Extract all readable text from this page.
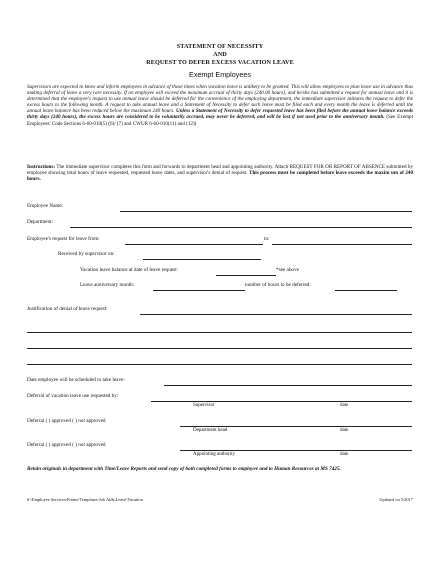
STATEMENT OF NECESSITY
AND
REQUEST TO DEFER EXCESS VACATION LEAVE
Exempt Employees
Supervisors are expected to know and inform employees in advance of those times when vacation leave is unlikely to be granted. This will allow employees to plan leave use in advance thus making deferral of leave a very rare necessity. If an employee will exceed the maximum accrual of thirty days (240.00 hours), and he/she has submitted a request for annual leave and it is determined that the employee's request to use annual leave should be deferred for the convenience of the employing department, the immediate supervisor initiates the request to defer the excess hours to the following month. A request to take annual leave and a Statement of Necessity to defer such leave must be filed each and every month the leave is deferred until the annual leave balance has been reduced below the maximum 240 hours. Unless a Statement of Necessity to defer requested leave has been filed before the annual leave balance exceeds thirty days (240 hours), the excess hours are considered to be voluntarily accrued, may never be deferred, and will be lost if not used prior to the anniversary month. (See Exempt Employees' Code Sections 6-60-010(5) (6)/ (7) and CWUR 6-60-010(11) and (12))
Instructions: The immediate supervisor completes this form and forwards to department head and appointing authority. Attach REQUEST FOR OR REPORT OF ABSENCE submitted by employee showing total hours of leave requested, requested leave dates, and supervisor's denial of request. This process must be completed before leave exceeds the maxim um of 240 hours.
Employee Name:
Department:
Employee's request for leave from:	to:
Received by supervisor on:
Vacation leave balance at date of leave request:	*see above
Leave anniversary month:	number of hours to be deferred:
Justification of denial of leave request:
Date employee will be scheduled to take leave:
Deferral of vacation leave use requested by:
Supervisor	date
Deferral ( ) approved ( ) not approved
Department head	date
Deferral ( ) approved ( ) not approved
Appointing authority	date
Retain originals in department with Time/Leave Reports and send copy of both completed forms to employee and to Human Resources at MS 7425.
S:\Employee Services\Forms-Templates-Job Aids\Leave\Vacation	Updated on 5/2017
